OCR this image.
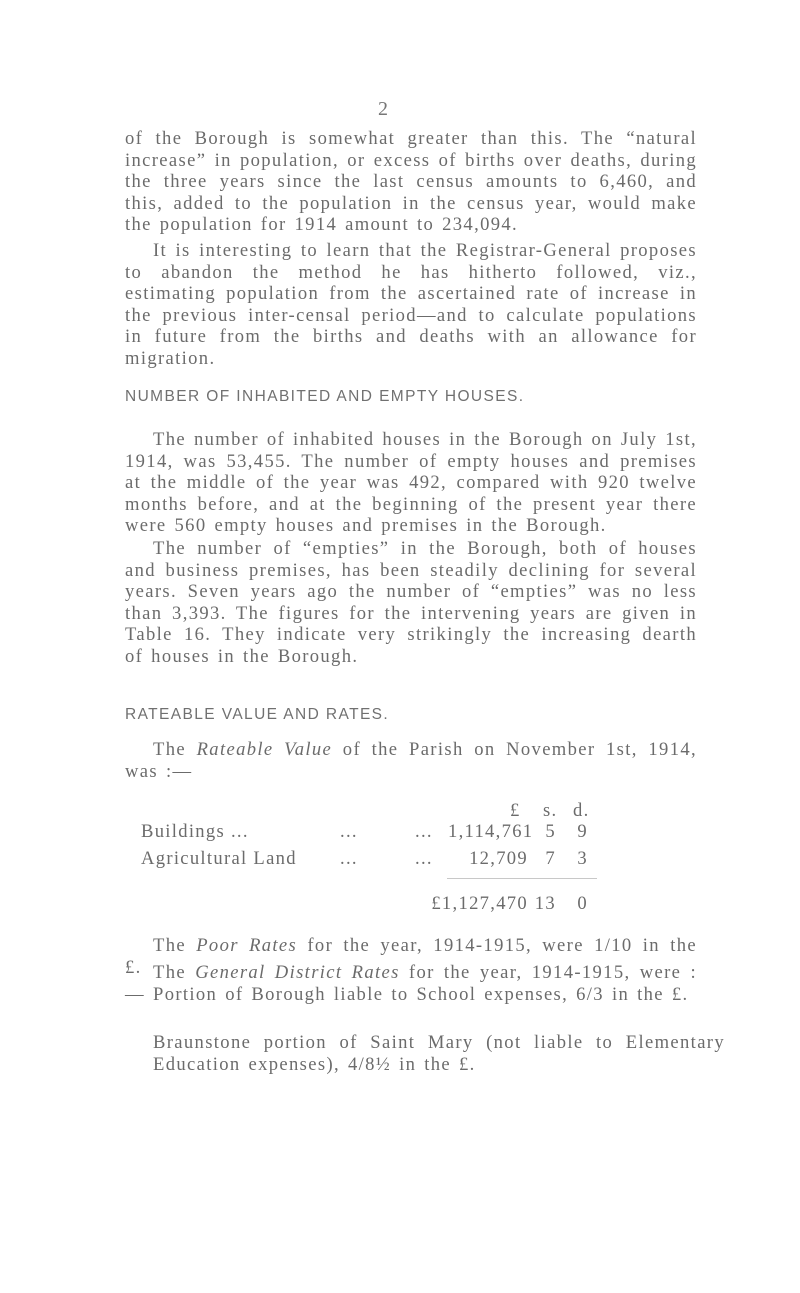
2

of the Borough is somewhat greater than this. The “natural increase” in population, or excess of births over deaths, during the three years since the last census amounts to 6,460, and this, added to the population in the census year, would make the population for 1914 amount to 234,094.

It is interesting to learn that the Registrar-General proposes to abandon the method he has hitherto followed, viz., estimating population from the ascertained rate of increase in the previous inter-censal period—and to calculate populations in future from the births and deaths with an allowance for migration.

NUMBER OF INHABITED AND EMPTY HOUSES.

The number of inhabited houses in the Borough on July 1st, 1914, was 53,455. The number of empty houses and premises at the middle of the year was 492, compared with 920 twelve months before, and at the beginning of the present year there were 560 empty houses and premises in the Borough.

The number of “empties” in the Borough, both of houses and business premises, has been steadily declining for several years. Seven years ago the number of “empties” was no less than 3,393. The figures for the intervening years are given in Table 16. They indicate very strikingly the increasing dearth of houses in the Borough.

RATEABLE VALUE AND RATES.

The Rateable Value of the Parish on November 1st, 1914, was :—

£ s. d.
Buildings ...	...	... 1,114,761 5	9
Agricultural Land ...	...	12,709 7	3
£1,127,470 13	0

The Poor Rates for the year, 1914-1915, were 1/10 in the £. The General District Rates for the year, 1914-1915, were :— Portion of Borough liable to School expenses, 6/3 in the £.

Braunstone portion of Saint Mary (not liable to Elementary Education expenses), 4/8½ in the £.
